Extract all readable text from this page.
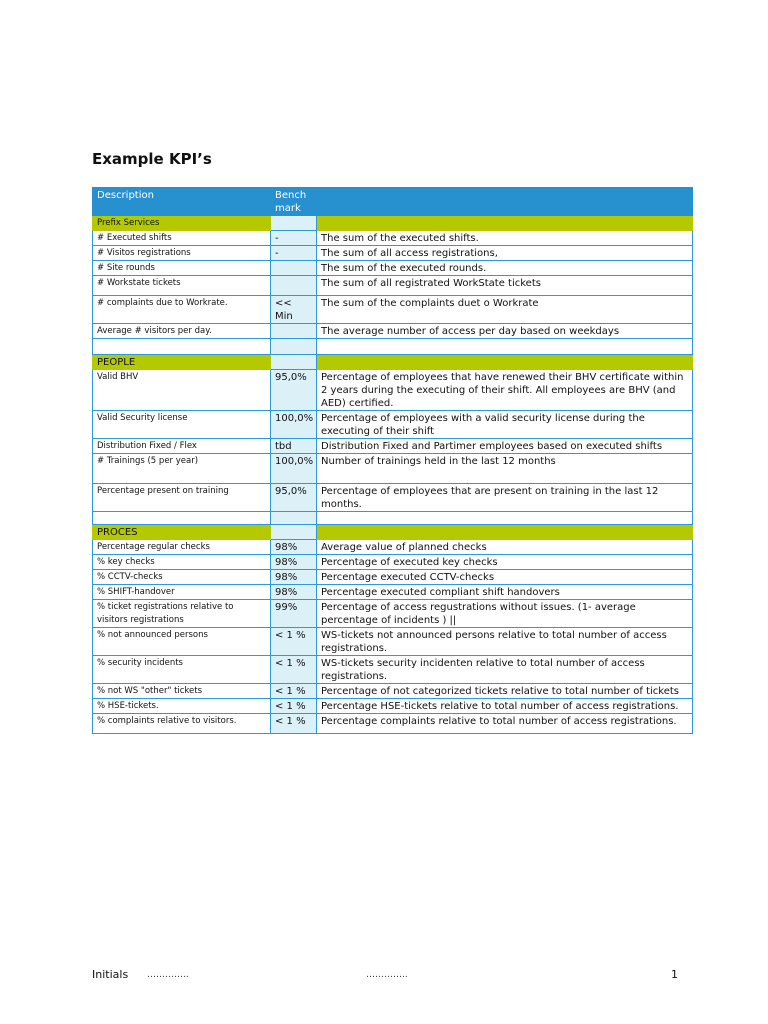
Example KPI’s
Description	Bench mark	
Prefix Services		
# Executed shifts	-	The sum of the executed shifts.
# Visitos registrations	-	The sum of all access registrations,
# Site rounds		The sum of the executed rounds.
# Workstate tickets		The sum of all registrated WorkState tickets
# complaints due to Workrate.	<< Min	The sum of the complaints duet o Workrate
Average # visitors per day.		The average number of access per day based on weekdays

PEOPLE		
Valid BHV	95,0%	Percentage of employees that have renewed their BHV certificate within 2 years during the executing of their shift. All employees are BHV (and AED) certified.
Valid Security license	100,0%	Percentage of employees with a valid security license during the executing of their shift
Distribution Fixed / Flex	tbd	Distribution Fixed and Partimer employees based on executed shifts
# Trainings (5 per year)	100,0%	Number of trainings held in the last 12 months
Percentage present on training	95,0%	Percentage of employees that are present on training in the last 12 months.

PROCES		
Percentage regular checks	98%	Average value of planned checks
% key checks	98%	Percentage of executed key checks
% CCTV-checks	98%	Percentage executed CCTV-checks
% SHIFT-handover	98%	Percentage executed compliant shift handovers
% ticket registrations relative to visitors registrations	99%	Percentage of access regustrations without issues. (1- average percentage of incidents ) ||
% not announced persons	< 1 %	WS-tickets not announced persons relative to total number of access registrations.
% security incidents	< 1 %	WS-tickets security incidenten relative to total number of access registrations.
% not WS "other" tickets	< 1 %	Percentage of not categorized tickets relative to total number of tickets
% HSE-tickets.	< 1 %	Percentage HSE-tickets relative to total number of access registrations.
% complaints relative to visitors.	< 1 %	Percentage complaints relative to total number of access registrations.
Initials …………..	…………..	1
